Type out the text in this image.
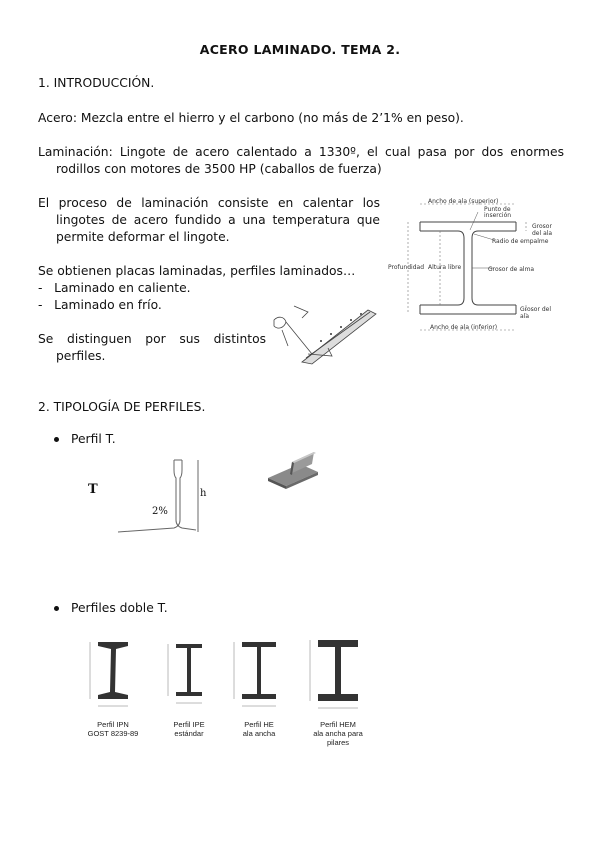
ACERO LAMINADO. TEMA 2.
1. INTRODUCCIÓN.
Acero: Mezcla entre el hierro y el carbono (no más de 2’1% en peso).
Laminación: Lingote de acero calentado a 1330º, el cual pasa por dos enormes
rodillos con motores de 3500 HP (caballos de fuerza)
El proceso de laminación consiste en calentar los
lingotes de acero fundido a una temperatura que
permite deformar el lingote.
Se obtienen placas laminadas, perfiles laminados…
-   Laminado en caliente.
-   Laminado en frío.
Se distinguen por sus distintos
perfiles.
Ancho de ala (superior)
Punto de inserción
Grosor del ala
Radio de empalme
Profundidad Altura libre	Grosor de alma
Grosor del ala
Ancho de ala (inferior)
2. TIPOLOGÍA DE PERFILES.
Perfil T.
T	h
2%
Perfiles doble T.
Perfil IPN
GOST 8239-89
Perfil IPE
estándar
Perfil HE
ala ancha
Perfil HEM
ala ancha para
pilares
